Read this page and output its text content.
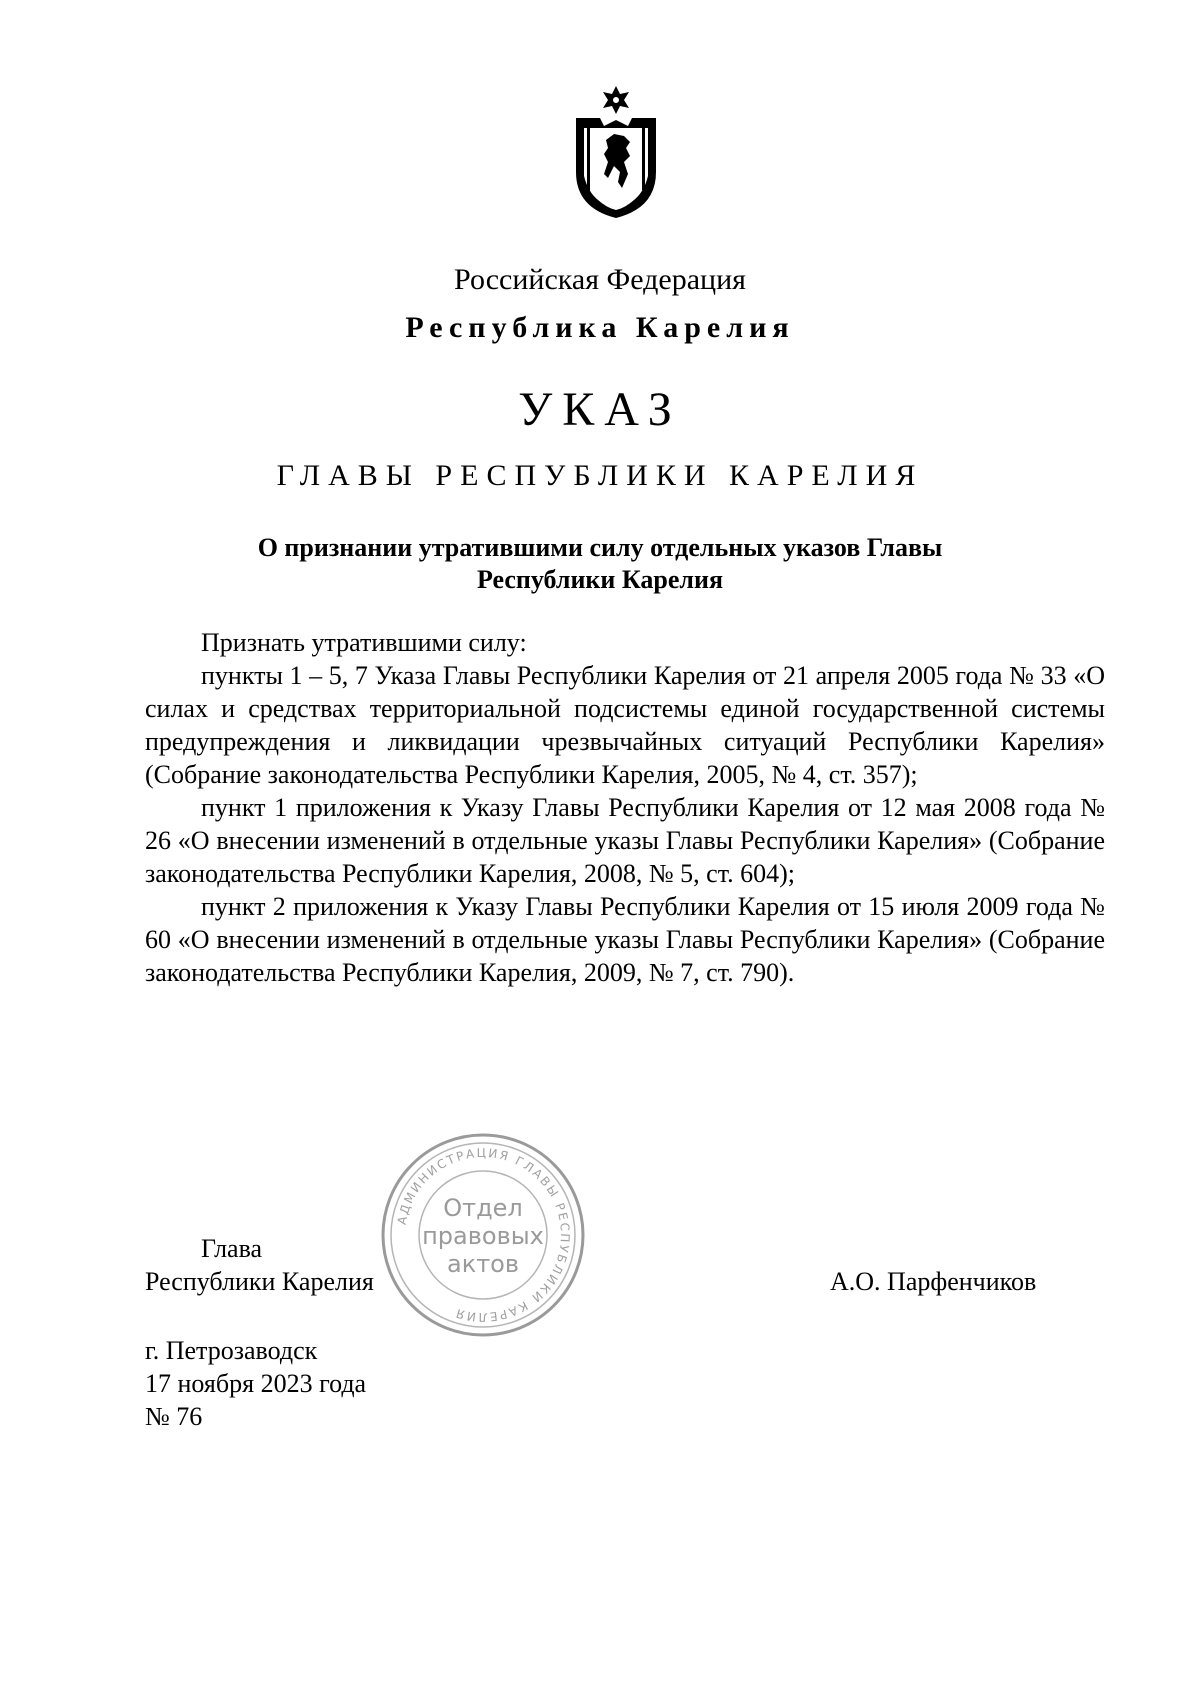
Российская Федерация
Республика Карелия
УКАЗ
ГЛАВЫ РЕСПУБЛИКИ КАРЕЛИЯ
О признании утратившими силу отдельных указов Главы
Республики Карелия

Признать утратившими силу:

пункты 1 – 5, 7 Указа Главы Республики Карелия от 21 апреля 2005 года № 33 «О силах и средствах территориальной подсистемы единой государственной системы предупреждения и ликвидации чрезвычайных ситуаций Республики Карелия» (Собрание законодательства Республики Карелия, 2005, № 4, ст. 357);

пункт 1 приложения к Указу Главы Республики Карелия от 12 мая 2008 года № 26 «О внесении изменений в отдельные указы Главы Республики Карелия» (Собрание законодательства Республики Карелия, 2008, № 5, ст. 604);

пункт 2 приложения к Указу Главы Республики Карелия от 15 июля 2009 года № 60 «О внесении изменений в отдельные указы Главы Республики Карелия» (Собрание законодательства Республики Карелия, 2009, № 7, ст. 790).

Глава
Республики Карелия	А.О. Парфенчиков
АДМИНИСТРАЦИЯ ГЛАВЫ РЕСПУБЛИКИ КАРЕЛИЯ
Отдел
правовых
актов
г. Петрозаводск
17 ноября 2023 года
№ 76
